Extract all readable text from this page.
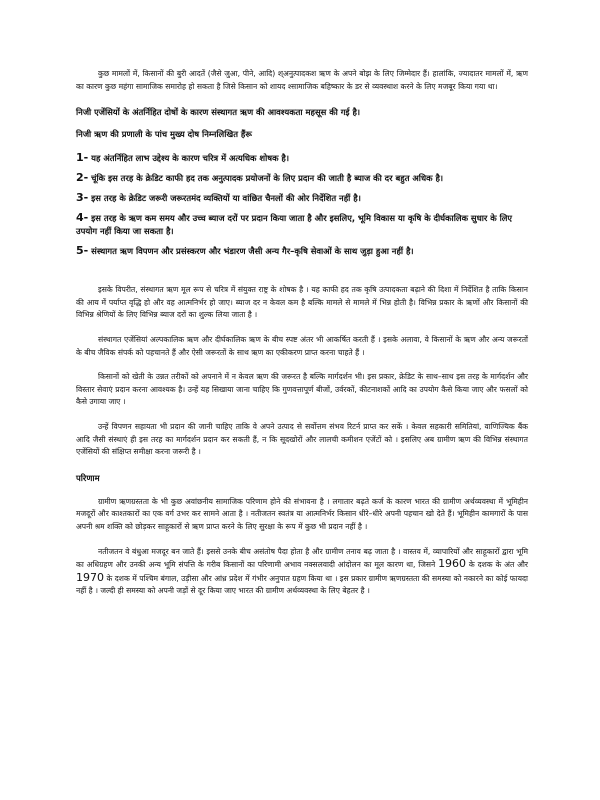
कुछ मामलों में, किसानों की बुरी आदतें (जैसे जुआ, पीने, आदि) श्अनुत्पादकश ऋण के अपने बोझ के लिए जिम्मेदार हैं। हालांकि, ज्यादातर मामलों में, ऋण का कारण कुछ महंगा सामाजिक समारोह हो सकता है जिसे किसान को शायद श्सामाजिक बहिष्कार के डर से व्यवस्थाश करने के लिए मजबूर किया गया था।

निजी एजेंसियों के अंतर्निहित दोषों के कारण संस्थागत ऋण की आवश्यकता महसूस की गई है।

निजी ऋण की प्रणाली के पांच मुख्य दोष निम्नलिखित हैंरू

1- यह अंतर्निहित लाभ उद्देश्य के कारण चरित्र में अत्यधिक शोषक है।

2- चूंकि इस तरह के क्रेडिट काफी हद तक अनुत्पादक प्रयोजनों के लिए प्रदान की जाती है ब्याज की दर बहुत अधिक है।

3- इस तरह के क्रेडिट जरूरी जरूरतमंद व्यक्तियों या वांछित चैनलों की ओर निर्देशित नहीं है।

4- इस तरह के ऋण कम समय और उच्च ब्याज दरों पर प्रदान किया जाता है और इसलिए, भूमि विकास या कृषि के दीर्घकालिक सुधार के लिए उपयोग नहीं किया जा सकता है।

5- संस्थागत ऋण विपणन और प्रसंस्करण और भंडारण जैसी अन्य गैर–कृषि सेवाओं के साथ जुड़ा हुआ नहीं है।

इसके विपरीत, संस्थागत ऋण मूल रूप से चरित्र में संयुक्त राष्ट्र के शोषक है । यह काफी हद तक कृषि उत्पादकता बढ़ाने की दिशा में निर्देशित है ताकि किसान की आय में पर्याप्त वृद्धि हो और वह आत्मनिर्भर हो जाए। ब्याज दर न केवल कम है बल्कि मामले से मामले में भिन्न होती है। विभिन्न प्रकार के ऋणों और किसानों की विभिन्न श्रेणियों के लिए विभिन्न ब्याज दरों का शुल्क लिया जाता है ।

संस्थागत एजेंसियां अल्पकालिक ऋण और दीर्घकालिक ऋण के बीच स्पष्ट अंतर भी आकर्षित करती हैं । इसके अलावा, वे किसानों के ऋण और अन्य जरूरतों के बीच जैविक संपर्क को पहचानते हैं और ऐसी जरूरतों के साथ ऋण का एकीकरण प्राप्त करना चाहते हैं ।

किसानों को खेती के उन्नत तरीकों को अपनाने में न केवल ऋण की जरूरत है बल्कि मार्गदर्शन भी। इस प्रकार, क्रेडिट के साथ–साथ इस तरह के मार्गदर्शन और विस्तार सेवाएं प्रदान करना आवश्यक है। उन्हें यह सिखाया जाना चाहिए कि गुणवत्तापूर्ण बीजों, उर्वरकों, कीटनाशकों आदि का उपयोग कैसे किया जाए और फसलों को कैसे उगाया जाए ।

उन्हें विपणन सहायता भी प्रदान की जानी चाहिए ताकि वे अपने उत्पाद से सर्वोत्तम संभव रिटर्न प्राप्त कर सकें । केवल सहकारी समितियां, वाणिज्यिक बैंक आदि जैसी संस्थाएं ही इस तरह का मार्गदर्शन प्रदान कर सकती हैं, न कि सूदखोरों और लालची कमीशन एजेंटों को । इसलिए अब ग्रामीण ऋण की विभिन्न संस्थागत एजेंसियों की संक्षिप्त समीक्षा करना जरूरी है ।

परिणाम

ग्रामीण ऋणग्रस्तता के भी कुछ अवांछनीय सामाजिक परिणाम होने की संभावना है । लगातार बढ़ते कर्ज के कारण भारत की ग्रामीण अर्थव्यवस्था में भूमिहीन मजदूरों और काश्तकारों का एक वर्ग उभर कर सामने आता है । नतीजतन स्वतंत्र या आत्मनिर्भर किसान धीरे–धीरे अपनी पहचान खो देते हैं। भूमिहीन कामगारों के पास अपनी श्रम शक्ति को छोड़कर साहूकारों से ऋण प्राप्त करने के लिए सुरक्षा के रूप में कुछ भी प्रदान नहीं है ।

नतीजतन वे बंधुआ मजदूर बन जाते हैं। इससे उनके बीच असंतोष पैदा होता है और ग्रामीण तनाव बढ़ जाता है । वास्तव में, व्यापारियों और साहूकारों द्वारा भूमि का अधिग्रहण और उनकी अन्य भूमि संपत्ति के गरीब किसानों का परिणामी अभाव नक्सलवादी आंदोलन का मूल कारण था, जिसने 1960 के दशक के अंत और 1970 के दशक में पश्चिम बंगाल, उड़ीसा और आंध्र प्रदेश में गंभीर अनुपात ग्रहण किया था । इस प्रकार ग्रामीण ऋणग्रस्तता की समस्या को नकारने का कोई फायदा नहीं है । जल्दी ही समस्या को अपनी जड़ों से दूर किया जाए भारत की ग्रामीण अर्थव्यवस्था के लिए बेहतर है ।
